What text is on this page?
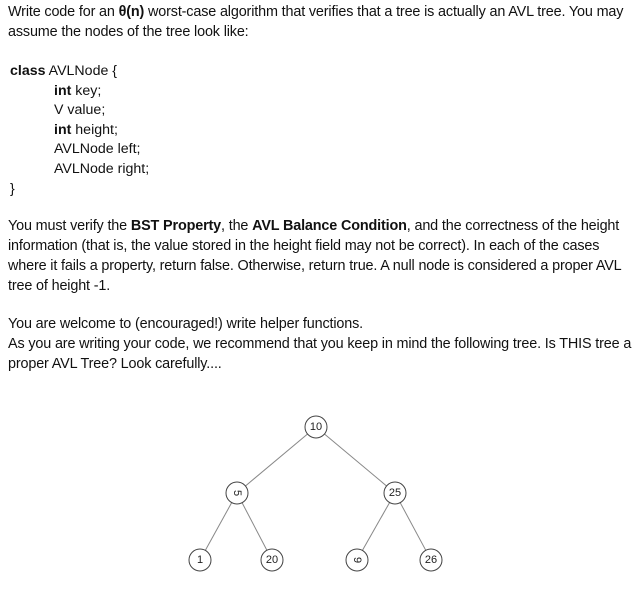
Write code for an θ(n) worst-case algorithm that verifies that a tree is actually an AVL tree. You may assume the nodes of the tree look like:
class AVLNode {
int key;
V value;
int height;
AVLNode left;
AVLNode right;
}
You must verify the BST Property, the AVL Balance Condition, and the correctness of the height information (that is, the value stored in the height field may not be correct). In each of the cases where it fails a property, return false. Otherwise, return true. A null node is considered a proper AVL tree of height -1.
You are welcome to (encouraged!) write helper functions.
As you are writing your code, we recommend that you keep in mind the following tree. Is THIS tree a proper AVL Tree? Look carefully....
10
5	25
1	20	9	26
